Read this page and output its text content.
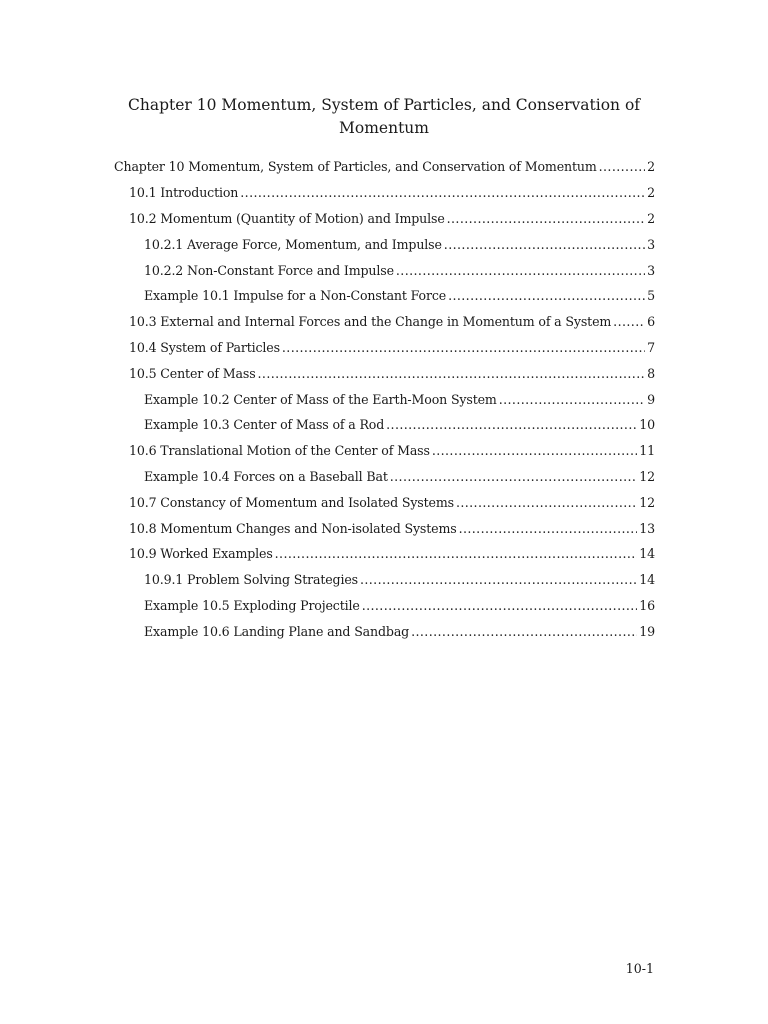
Chapter 10 Momentum, System of Particles, and Conservation of Momentum
Chapter 10 Momentum, System of Particles, and Conservation of Momentum .....	2
10.1 Introduction .....	2
10.2 Momentum (Quantity of Motion) and Impulse .....	2
10.2.1 Average Force, Momentum, and Impulse .....	3
10.2.2 Non-Constant Force and Impulse .....	3
Example 10.1 Impulse for a Non-Constant Force .....	5
10.3 External and Internal Forces and the Change in Momentum of a System .....	6
10.4 System of Particles .....	7
10.5 Center of Mass .....	8
Example 10.2 Center of Mass of the Earth-Moon System .....	9
Example 10.3 Center of Mass of a Rod .....	10
10.6 Translational Motion of the Center of Mass .....	11
Example 10.4 Forces on a Baseball Bat .....	12
10.7 Constancy of Momentum and Isolated Systems .....	12
10.8 Momentum Changes and Non-isolated Systems .....	13
10.9 Worked Examples .....	14
10.9.1 Problem Solving Strategies .....	14
Example 10.5 Exploding Projectile .....	16
Example 10.6 Landing Plane and Sandbag .....	19
10-1
